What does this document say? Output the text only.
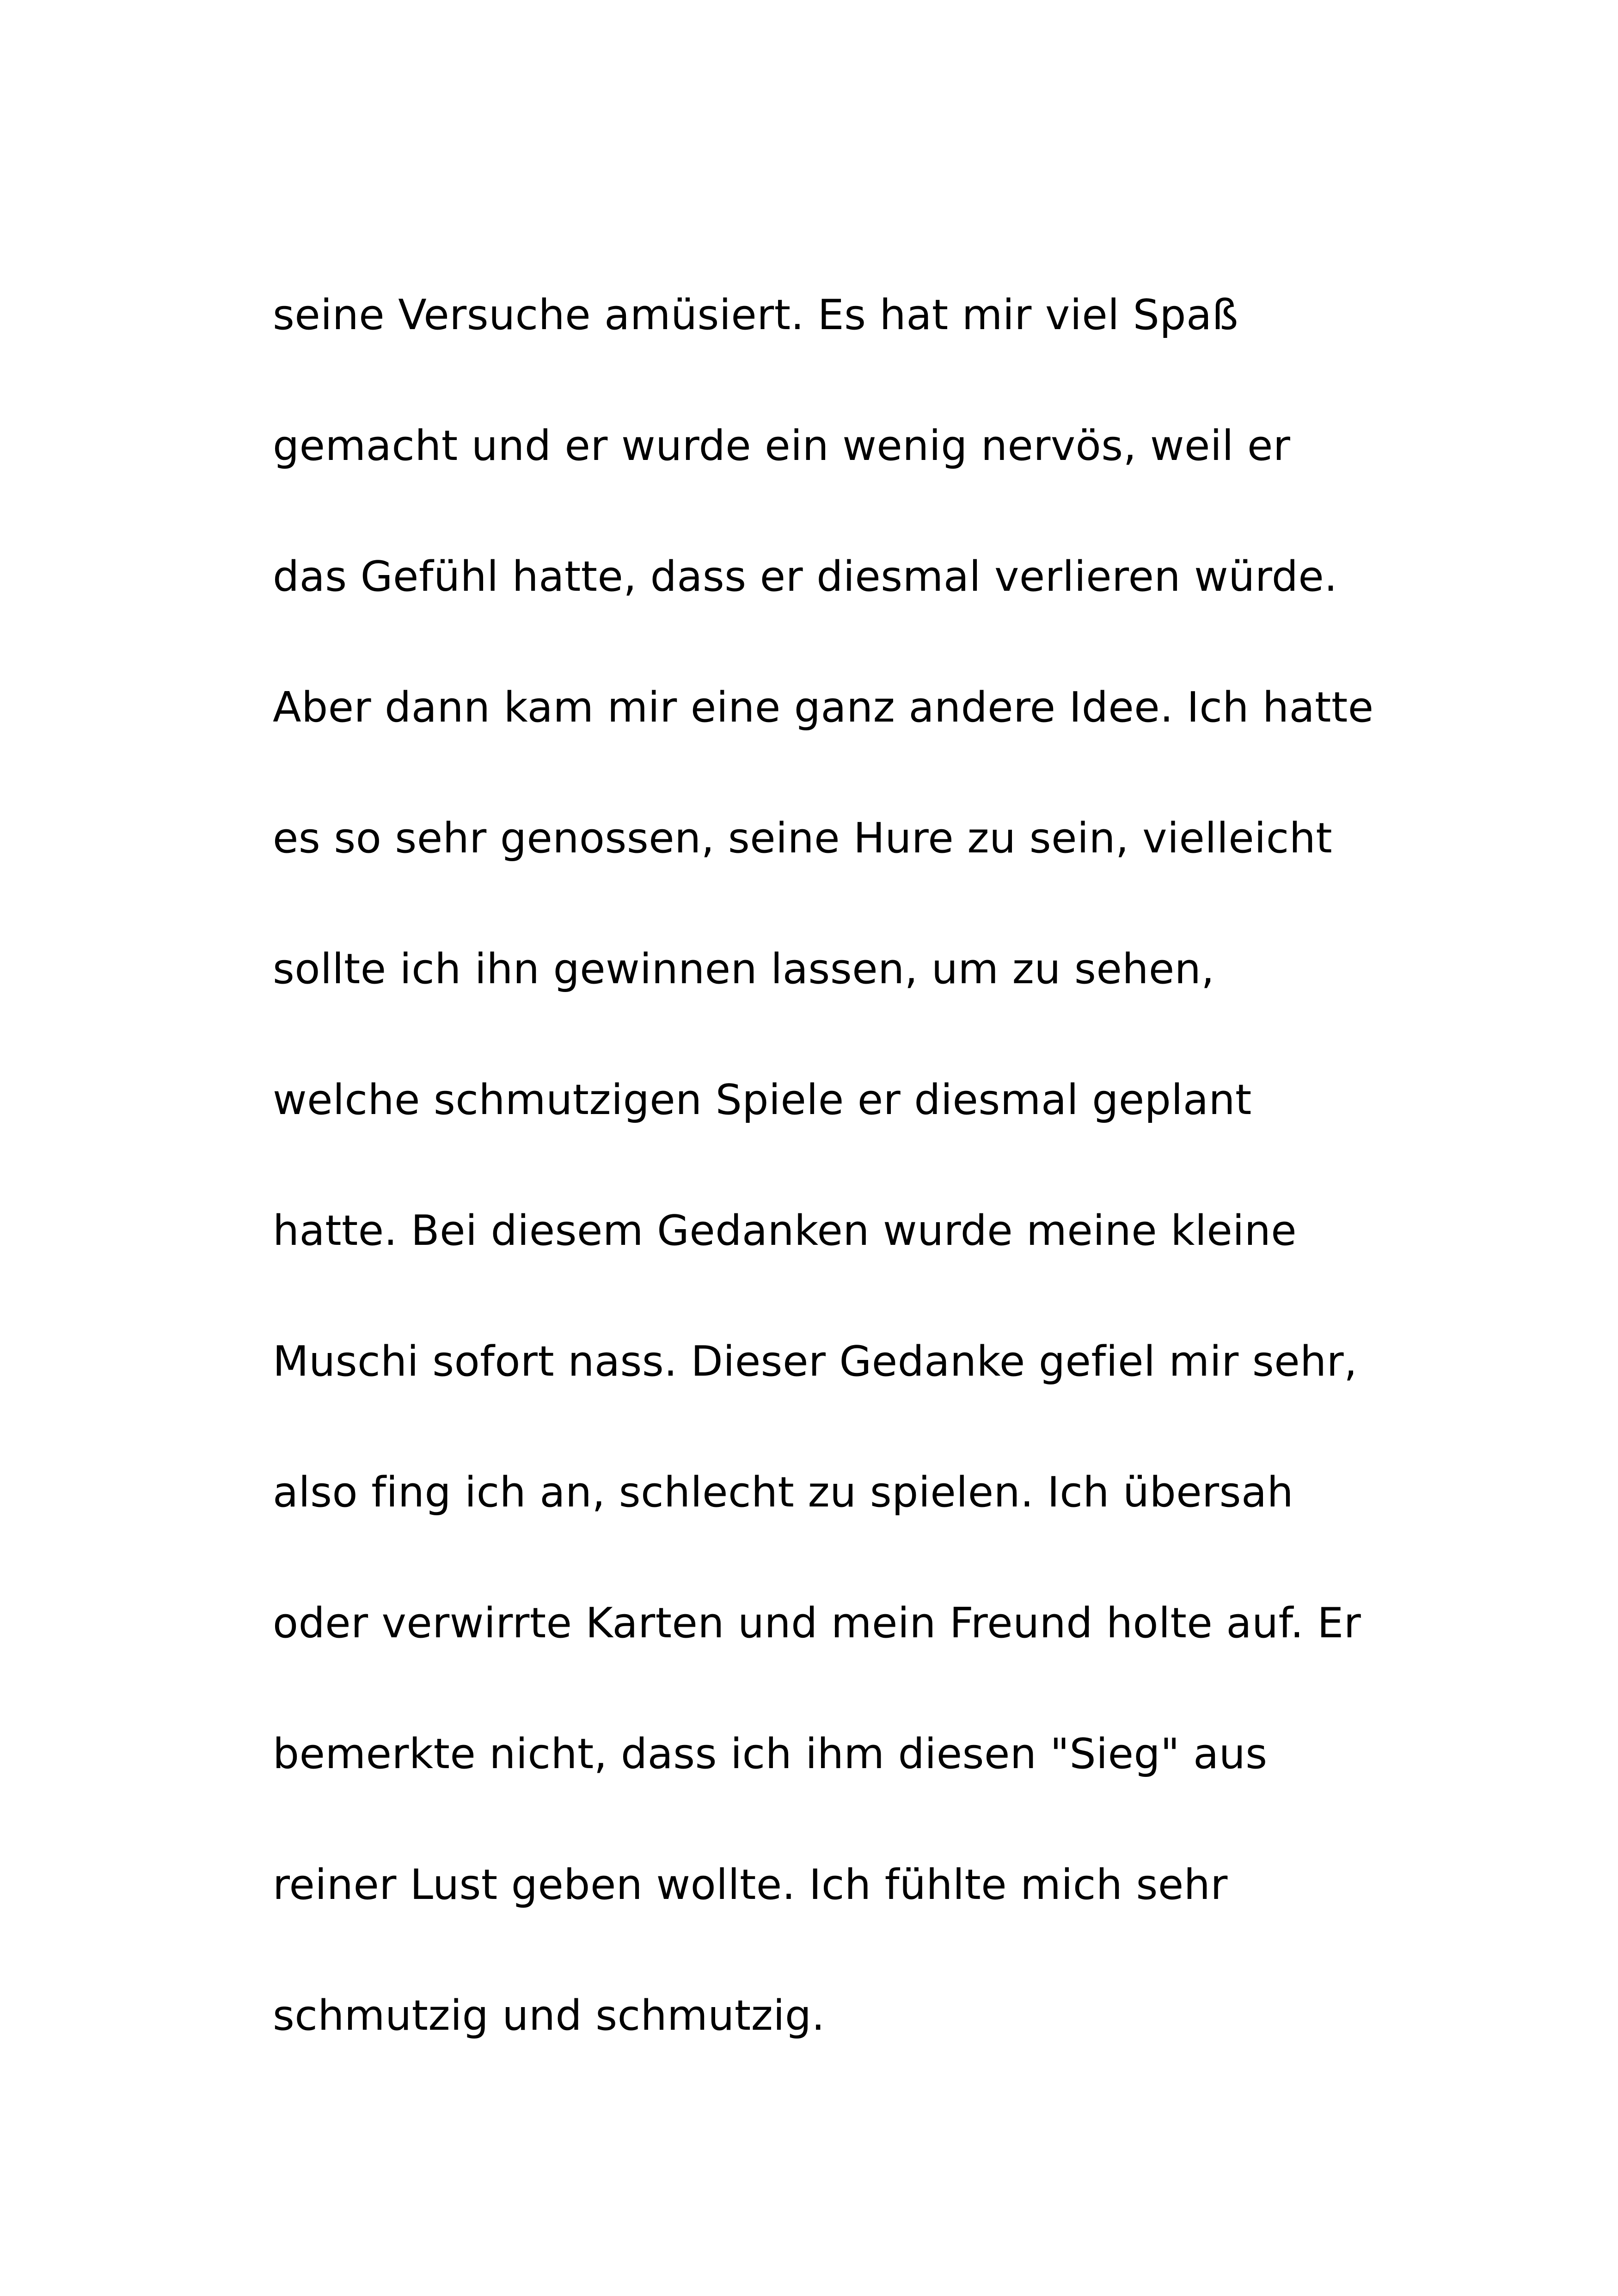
seine Versuche amüsiert. Es hat mir viel Spaß
gemacht und er wurde ein wenig nervös, weil er
das Gefühl hatte, dass er diesmal verlieren würde.
Aber dann kam mir eine ganz andere Idee. Ich hatte
es so sehr genossen, seine Hure zu sein, vielleicht
sollte ich ihn gewinnen lassen, um zu sehen,
welche schmutzigen Spiele er diesmal geplant
hatte. Bei diesem Gedanken wurde meine kleine
Muschi sofort nass. Dieser Gedanke gefiel mir sehr,
also fing ich an, schlecht zu spielen. Ich übersah
oder verwirrte Karten und mein Freund holte auf. Er
bemerkte nicht, dass ich ihm diesen "Sieg" aus
reiner Lust geben wollte. Ich fühlte mich sehr
schmutzig und schmutzig.
